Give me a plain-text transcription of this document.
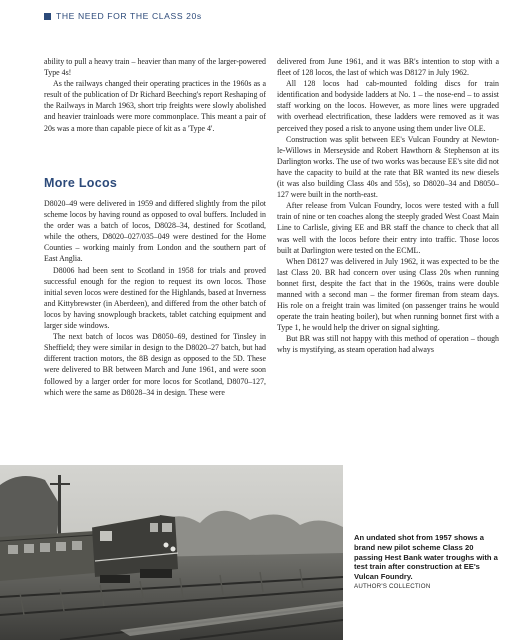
THE NEED FOR THE CLASS 20s

ability to pull a heavy train – heavier than many of the larger-powered Type 4s!

As the railways changed their operating practices in the 1960s as a result of the publication of Dr Richard Beeching's report Reshaping of the Railways in March 1963, short trip freights were slowly abolished and heavier trainloads were more commonplace. This meant a pair of 20s was a more than capable piece of kit as a 'Type 4'.

More Locos

D8020–49 were delivered in 1959 and differed slightly from the pilot scheme locos by having round as opposed to oval buffers. Included in the order was a batch of locos, D8028–34, destined for Scotland, while the others, D8020–027/035–049 were destined for the Home Counties – working mainly from London and the southern part of East Anglia.

D8006 had been sent to Scotland in 1958 for trials and proved successful enough for the region to request its own locos. Those initial seven locos were destined for the Highlands, based at Inverness and Kittybrewster (in Aberdeen), and differed from the other batch of locos by having snowplough brackets, tablet catching equipment and larger side windows.

The next batch of locos was D8050–69, destined for Tinsley in Sheffield; they were similar in design to the D8020–27 batch, but had different traction motors, the 8B design as opposed to the 5D. These were delivered to BR between March and June 1961, and were soon followed by a larger order for more locos for Scotland, D8070–127, which were the same as D8028–34 in design. These were

delivered from June 1961, and it was BR's intention to stop with a fleet of 128 locos, the last of which was D8127 in July 1962.

All 128 locos had cab-mounted folding discs for train identification and bodyside ladders at No. 1 – the nose-end – to assist staff working on the locos. However, as more lines were upgraded with overhead electrification, these ladders were removed as it was perceived they posed a risk to anyone using them under live OLE.

Construction was split between EE's Vulcan Foundry at Newton-le-Willows in Merseyside and Robert Hawthorn & Stephenson at its Darlington works. The use of two works was because EE's site did not have the capacity to build at the rate that BR wanted its new diesels (it was also building Class 40s and 55s), so D8020–34 and D8050–127 were built in the north-east.

After release from Vulcan Foundry, locos were tested with a full train of nine or ten coaches along the steeply graded West Coast Main Line to Carlisle, giving EE and BR staff the chance to check that all was well with the locos before their entry into traffic. Those locos built at Darlington were tested on the ECML.

When D8127 was delivered in July 1962, it was expected to be the last Class 20. BR had concern over using Class 20s when running bonnet first, despite the fact that in the 1960s, trains were double manned with a second man – the former fireman from steam days. His role on a freight train was limited (on passenger trains he would operate the train heating boiler), but when running bonnet first with a Type 1, he would help the driver on signal sighting.

But BR was still not happy with this method of operation – though why is mystifying, as steam operation had always

An undated shot from 1957 shows a brand new pilot scheme Class 20 passing Hest Bank water troughs with a test train after construction at EE's Vulcan Foundry.
AUTHOR'S COLLECTION
